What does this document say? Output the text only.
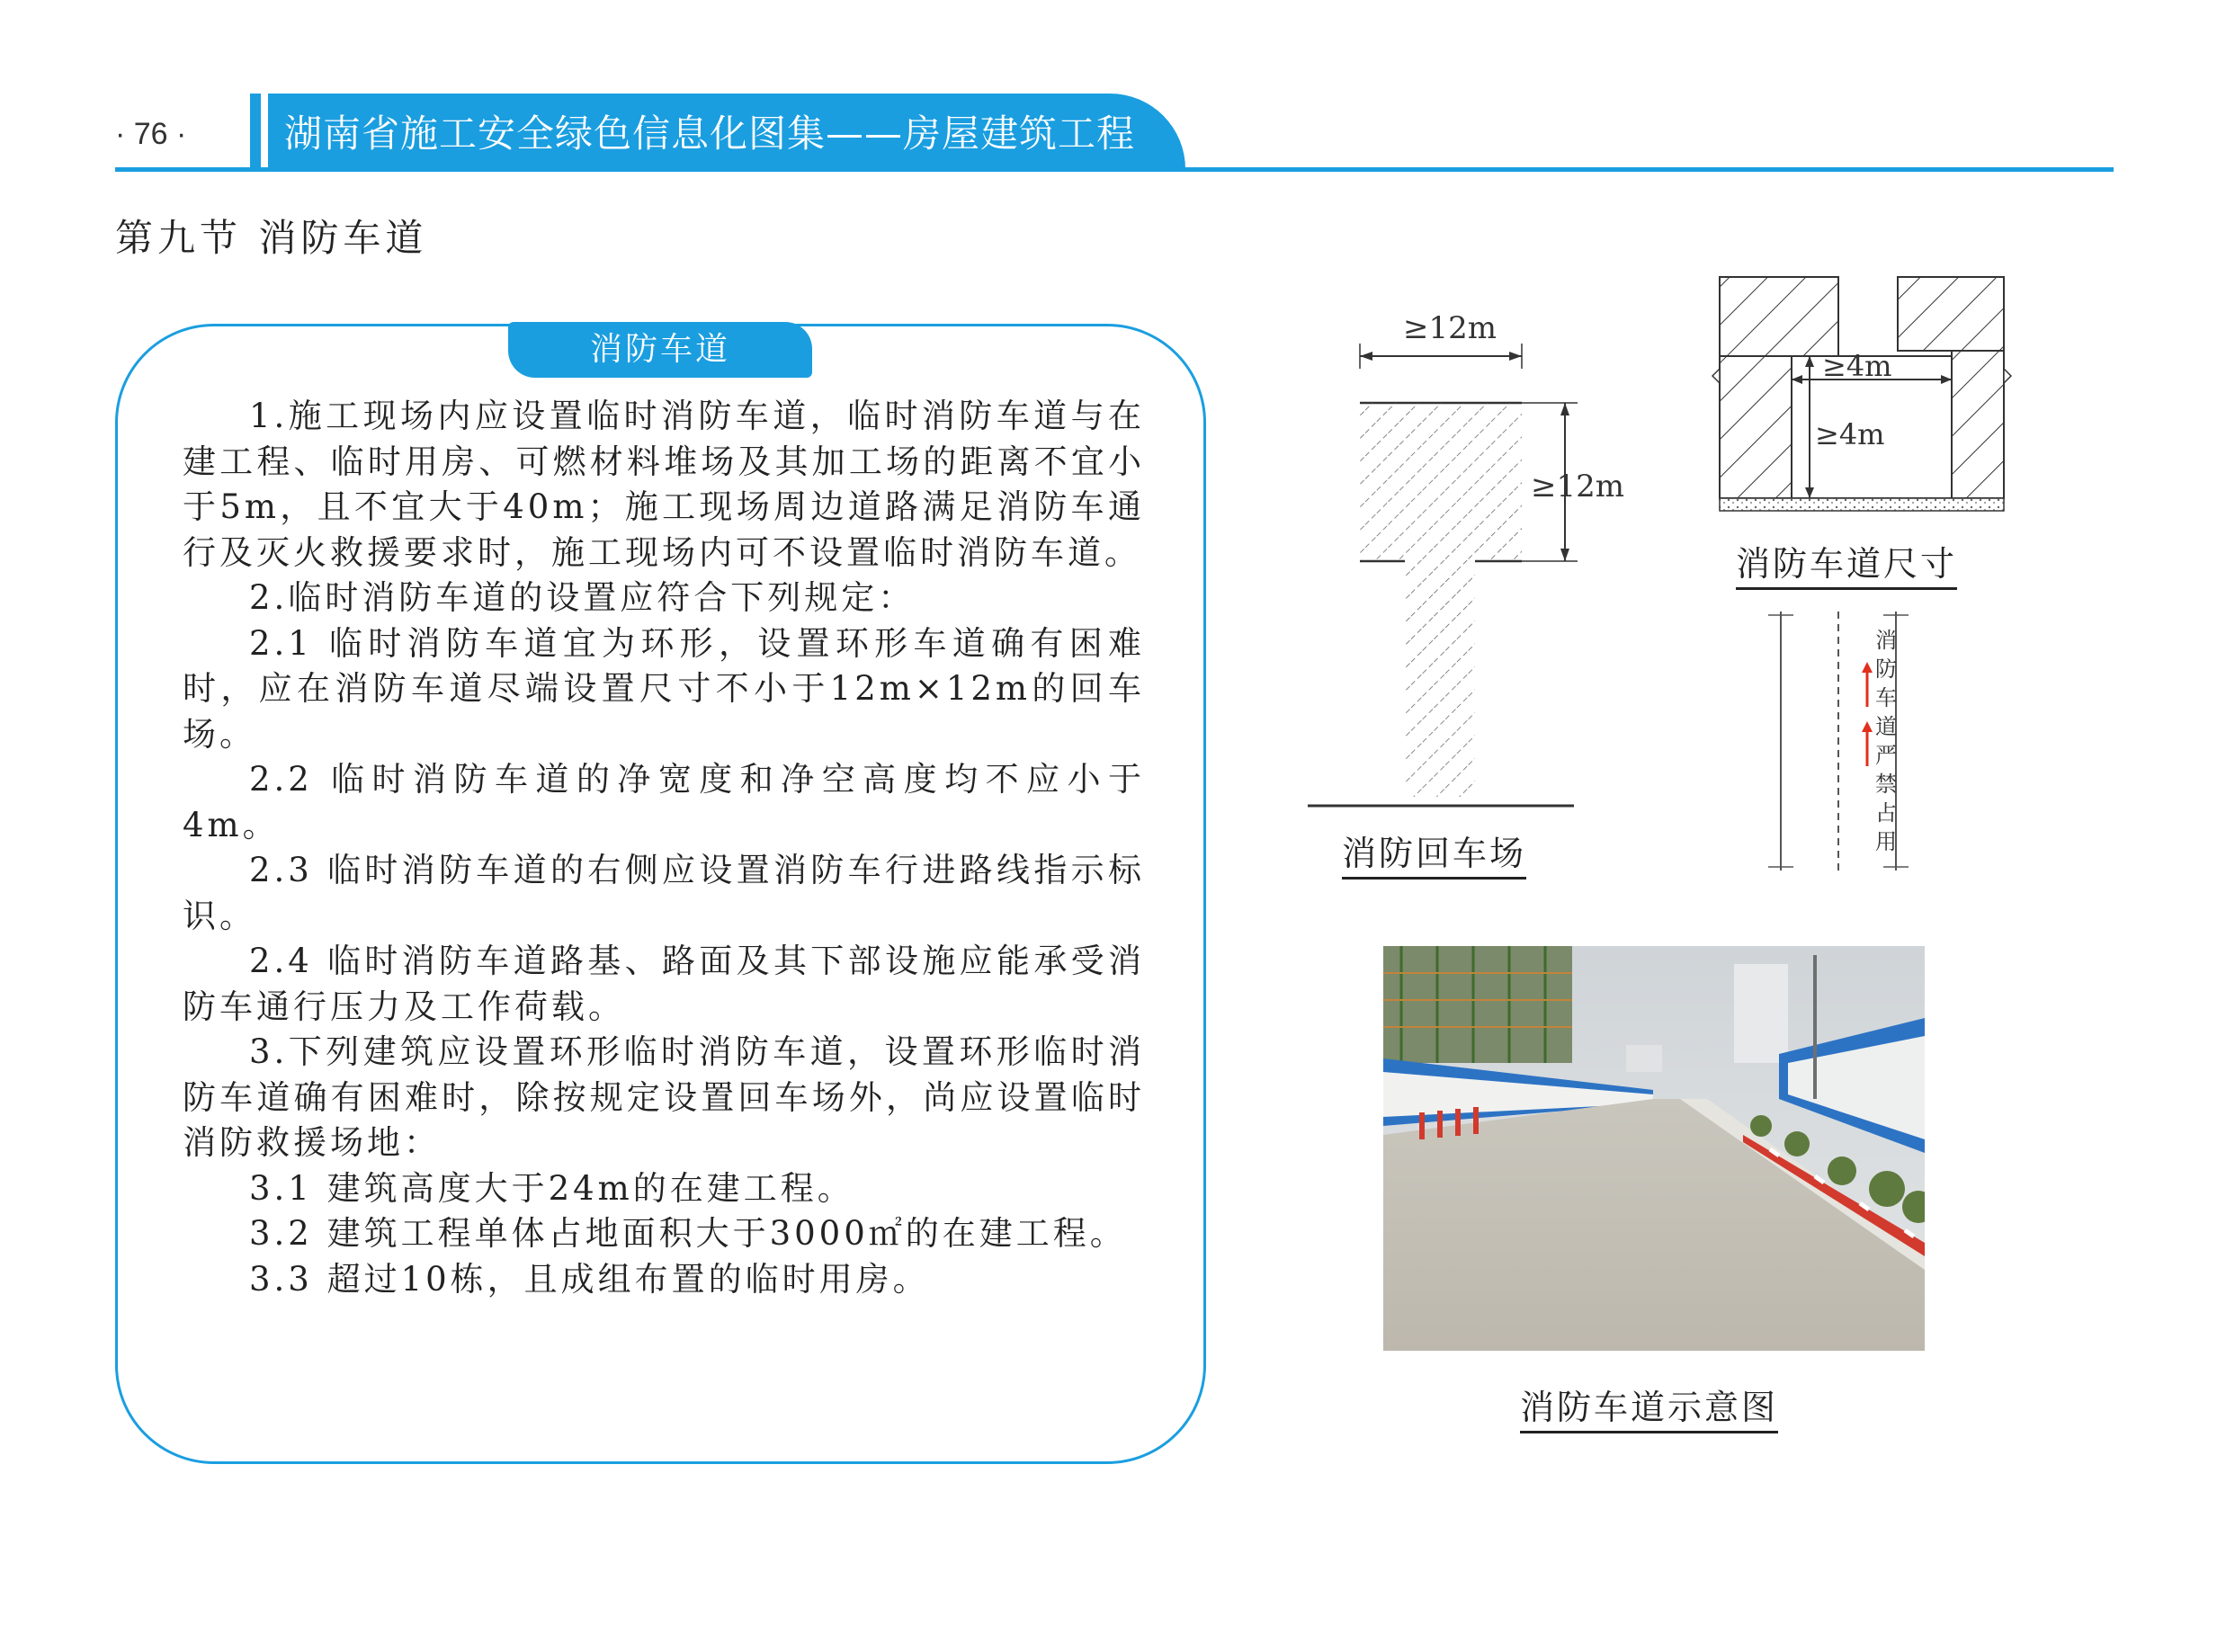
· 76 ·	湖南省施工安全绿色信息化图集——房屋建筑工程
第九节 消防车道
消防车道

1.施工现场内应设置临时消防车道，临时消防车道与在建工程、临时用房、可燃材料堆场及其加工场的距离不宜小于5m，且不宜大于40m；施工现场周边道路满足消防车通行及灭火救援要求时，施工现场内可不设置临时消防车道。

2.临时消防车道的设置应符合下列规定：

2.1 临时消防车道宜为环形，设置环形车道确有困难时，应在消防车道尽端设置尺寸不小于12m×12m的回车场。

2.2 临时消防车道的净宽度和净空高度均不应小于4m。

2.3 临时消防车道的右侧应设置消防车行进路线指示标识。

2.4 临时消防车道路基、路面及其下部设施应能承受消防车通行压力及工作荷载。

3.下列建筑应设置环形临时消防车道，设置环形临时消防车道确有困难时，除按规定设置回车场外，尚应设置临时消防救援场地：

3.1 建筑高度大于24m的在建工程。

3.2 建筑工程单体占地面积大于3000㎡的在建工程。

3.3 超过10栋，且成组布置的临时用房。

≥12m
≥12m
消防回车场
≥4m
≥4m
消防车道尺寸
消
防
车
道
严
禁
占
用
消防车道示意图
